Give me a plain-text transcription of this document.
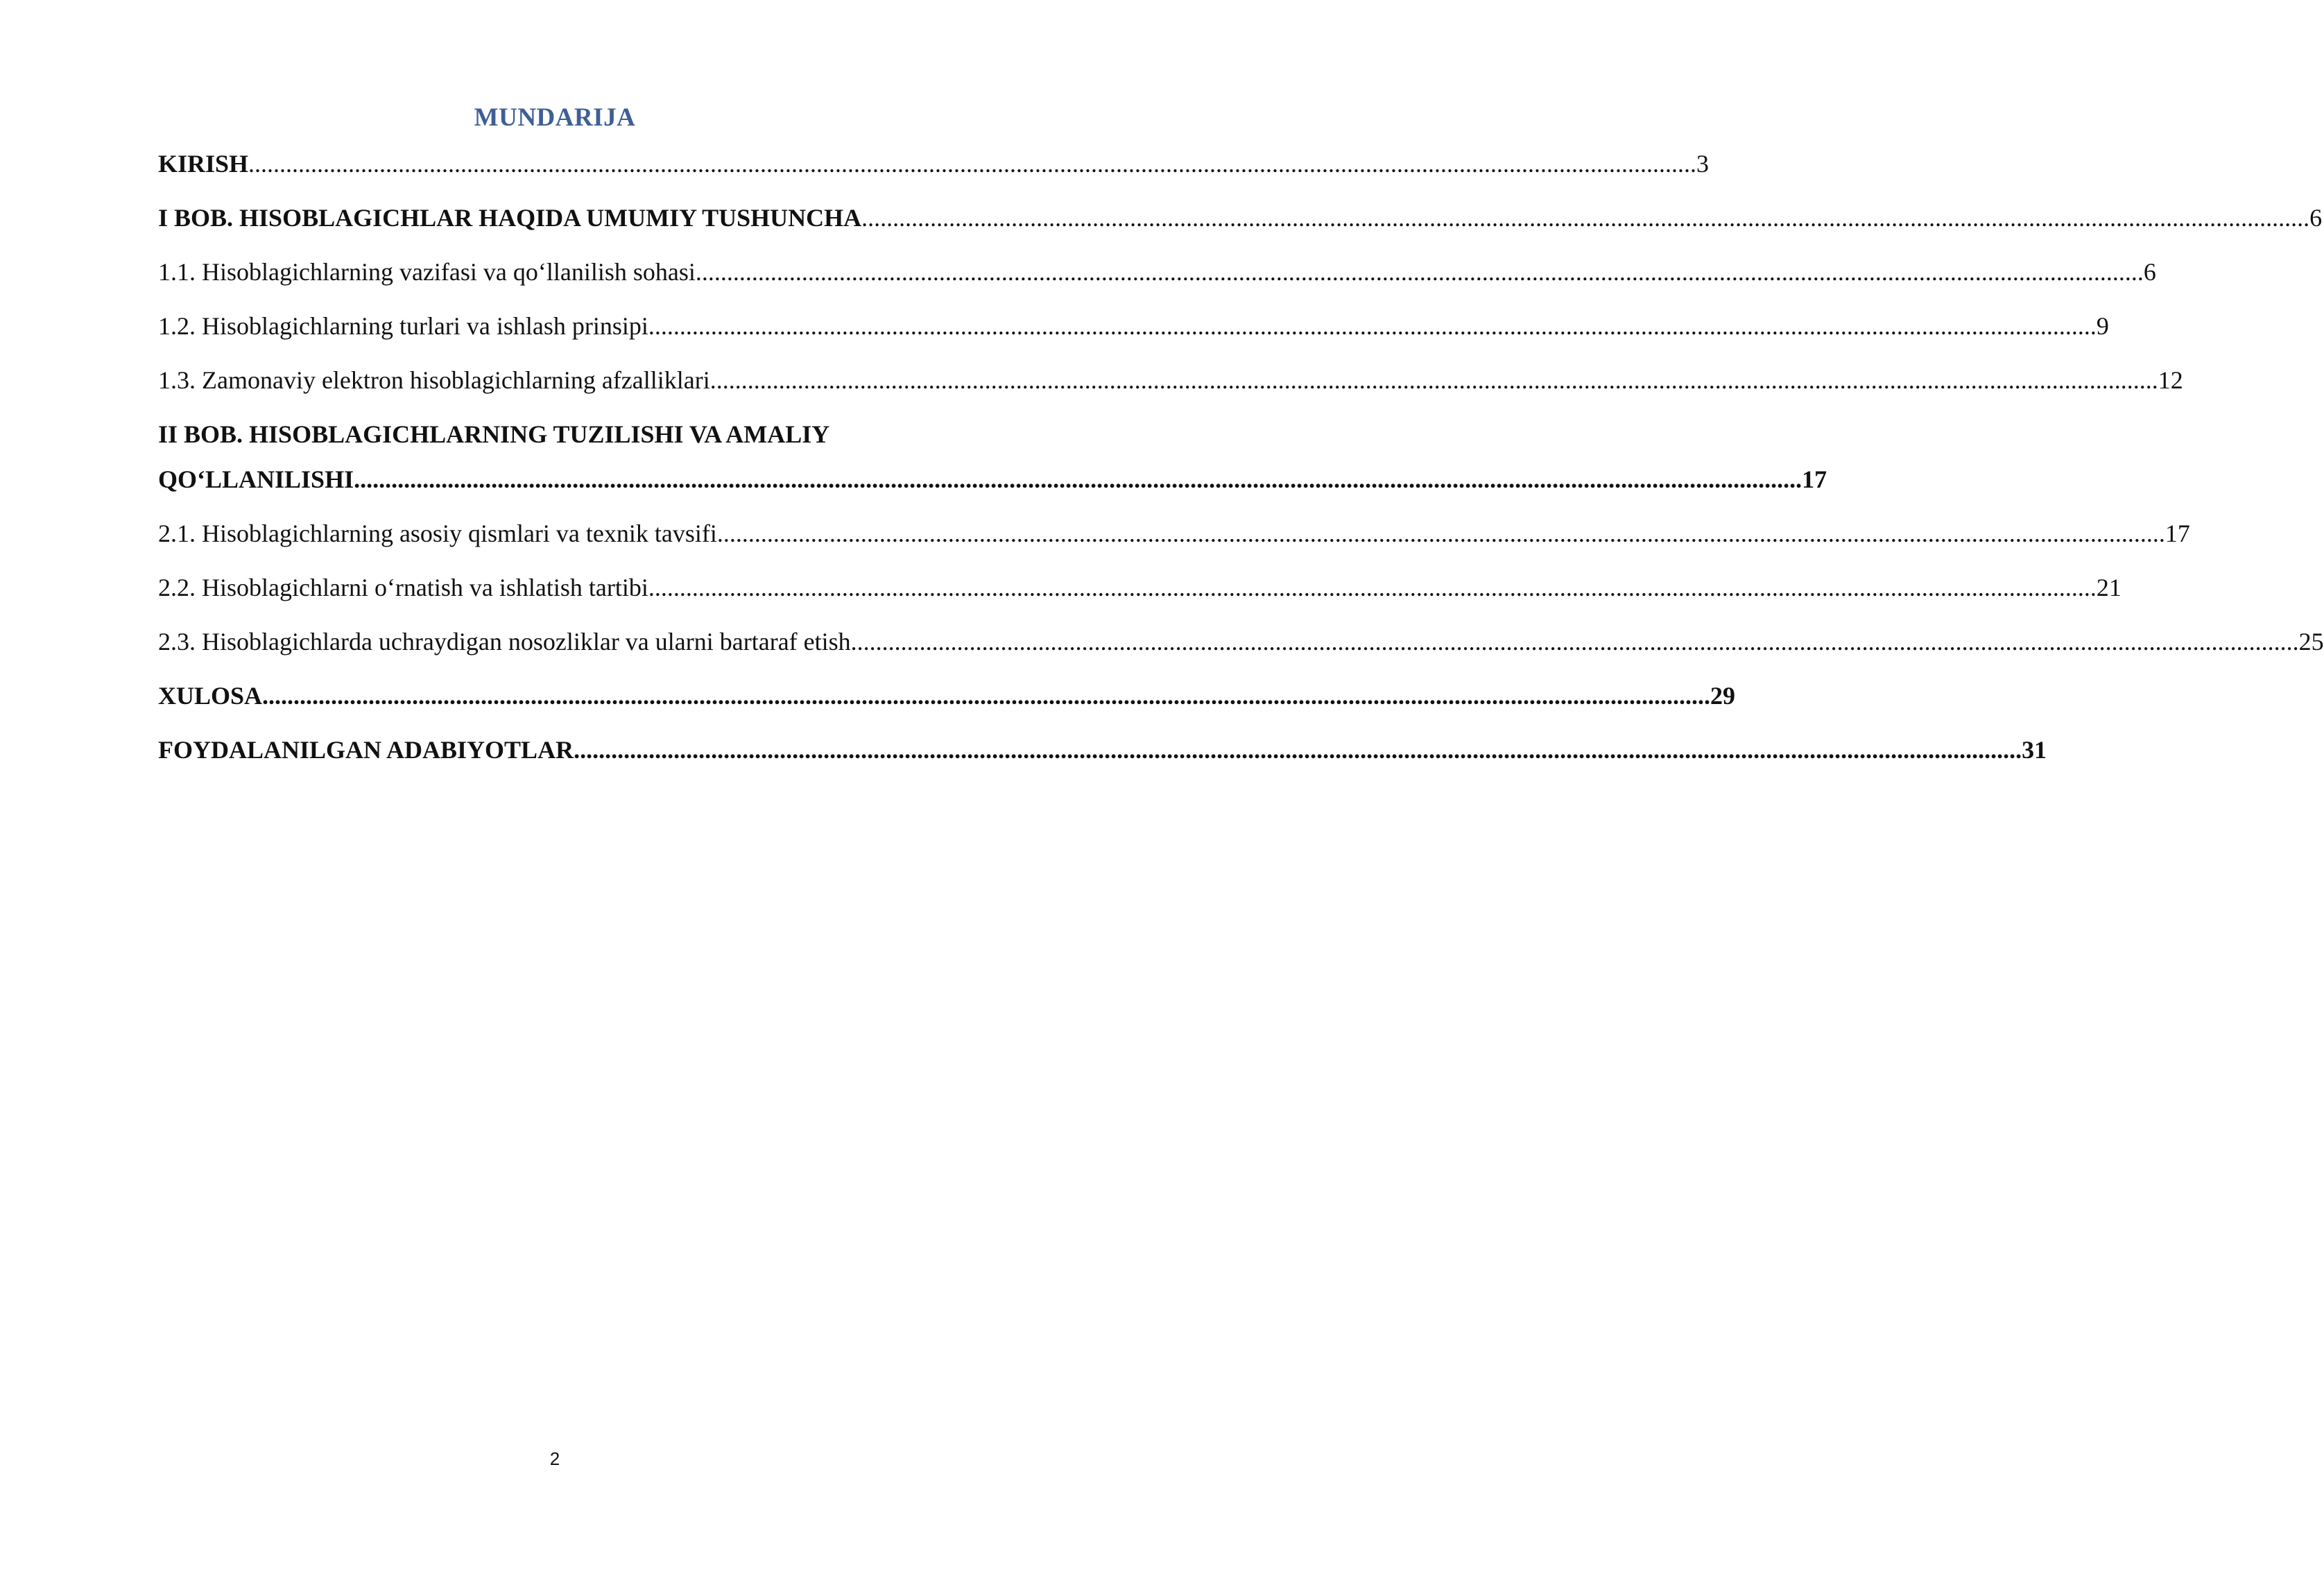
MUNDARIJA
KIRISH ........................................................................................................................................................................................................................................ 3
I BOB. HISOBLAGICHLAR HAQIDA UMUMIY TUSHUNCHA ........................................................................................................................................................................................................................................ 6
1.1. Hisoblagichlarning vazifasi va qo‘llanilish sohasi ........................................................................................................................................................................................................................................ 6
1.2. Hisoblagichlarning turlari va ishlash prinsipi ........................................................................................................................................................................................................................................ 9
1.3. Zamonaviy elektron hisoblagichlarning afzalliklari ........................................................................................................................................................................................................................................ 12
II BOB. HISOBLAGICHLARNING TUZILISHI VA AMALIY
QO‘LLANILISHI ........................................................................................................................................................................................................................................ 17
2.1. Hisoblagichlarning asosiy qismlari va texnik tavsifi ........................................................................................................................................................................................................................................ 17
2.2. Hisoblagichlarni o‘rnatish va ishlatish tartibi ........................................................................................................................................................................................................................................ 21
2.3. Hisoblagichlarda uchraydigan nosozliklar va ularni bartaraf etish ........................................................................................................................................................................................................................................ 25
XULOSA ........................................................................................................................................................................................................................................ 29
FOYDALANILGAN ADABIYOTLAR ........................................................................................................................................................................................................................................ 31
2
